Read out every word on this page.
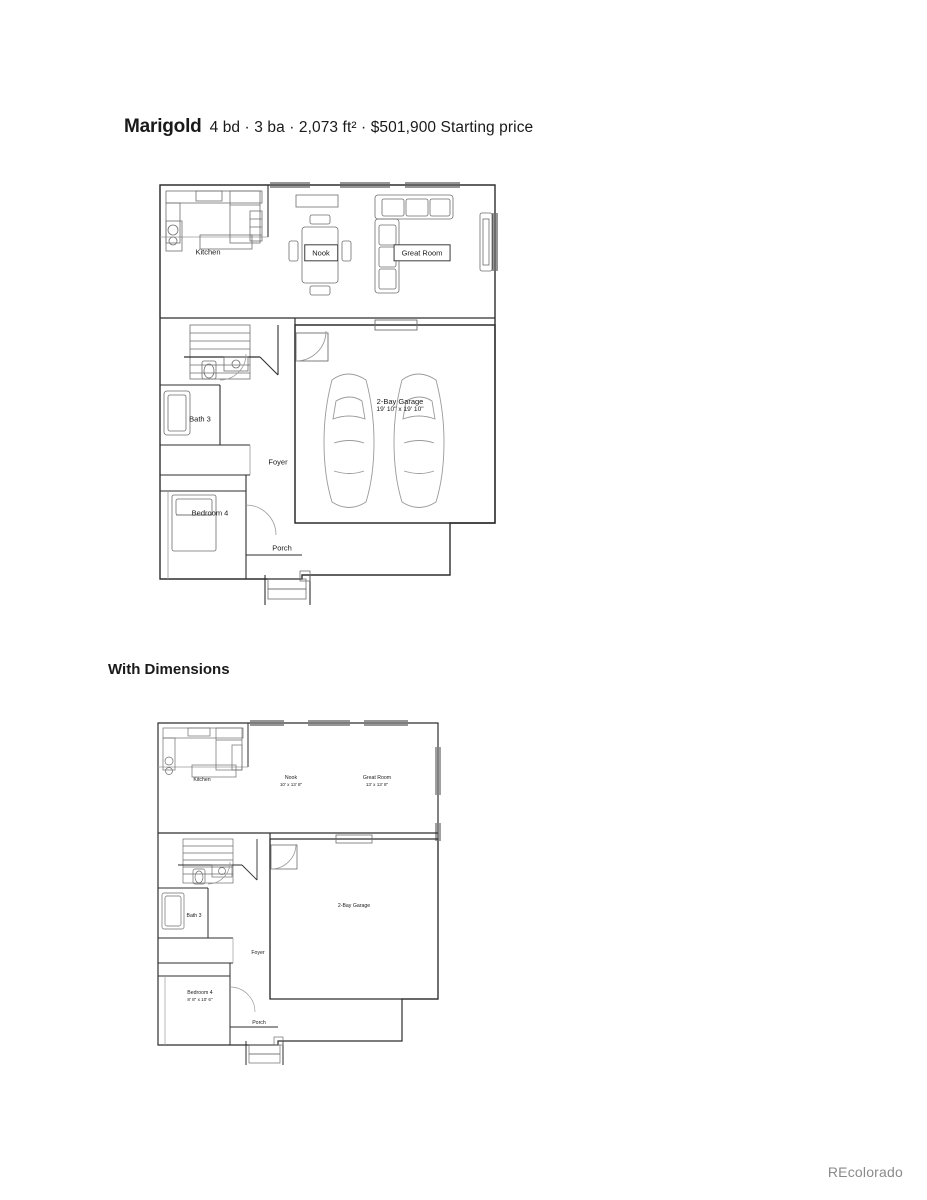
Marigold 4 bd · 3 ba · 2,073 ft² · $501,900 Starting price
Kitchen	Nook	Great Room
Bath 3
Foyer
Bedroom 4
Porch
2-Bay Garage
19' 10" x 19' 10"
With Dimensions
Kitchen	Nook
10' x 13' 8"
Great Room
13' x 13' 8"
Bath 3
Foyer
Bedroom 4
8' 8" x 10' 6"
Porch
2-Bay Garage
REcolorado
